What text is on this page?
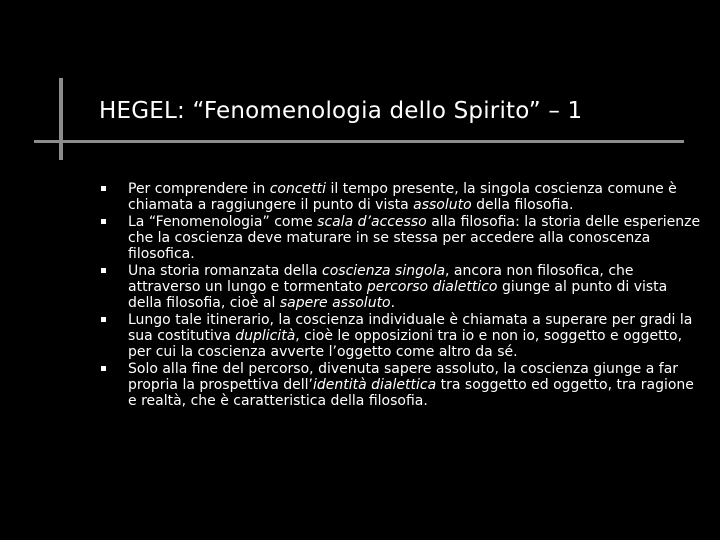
HEGEL: “Fenomenologia dello Spirito” – 1
Per comprendere in concetti il tempo presente, la singola coscienza comune è chiamata a raggiungere il punto di vista assoluto della filosofia.
La “Fenomenologia” come scala d’accesso alla filosofia: la storia delle esperienze che la coscienza deve maturare in se stessa per accedere alla conoscenza filosofica.
Una storia romanzata della coscienza singola, ancora non filosofica, che attraverso un lungo e tormentato percorso dialettico giunge al punto di vista della filosofia, cioè al sapere assoluto.
Lungo tale itinerario, la coscienza individuale è chiamata a superare per gradi la sua costitutiva duplicità, cioè le opposizioni tra io e non io, soggetto e oggetto, per cui la coscienza avverte l’oggetto come altro da sé.
Solo alla fine del percorso, divenuta sapere assoluto, la coscienza giunge a far propria la prospettiva dell’identità dialettica tra soggetto ed oggetto, tra ragione e realtà, che è caratteristica della filosofia.
